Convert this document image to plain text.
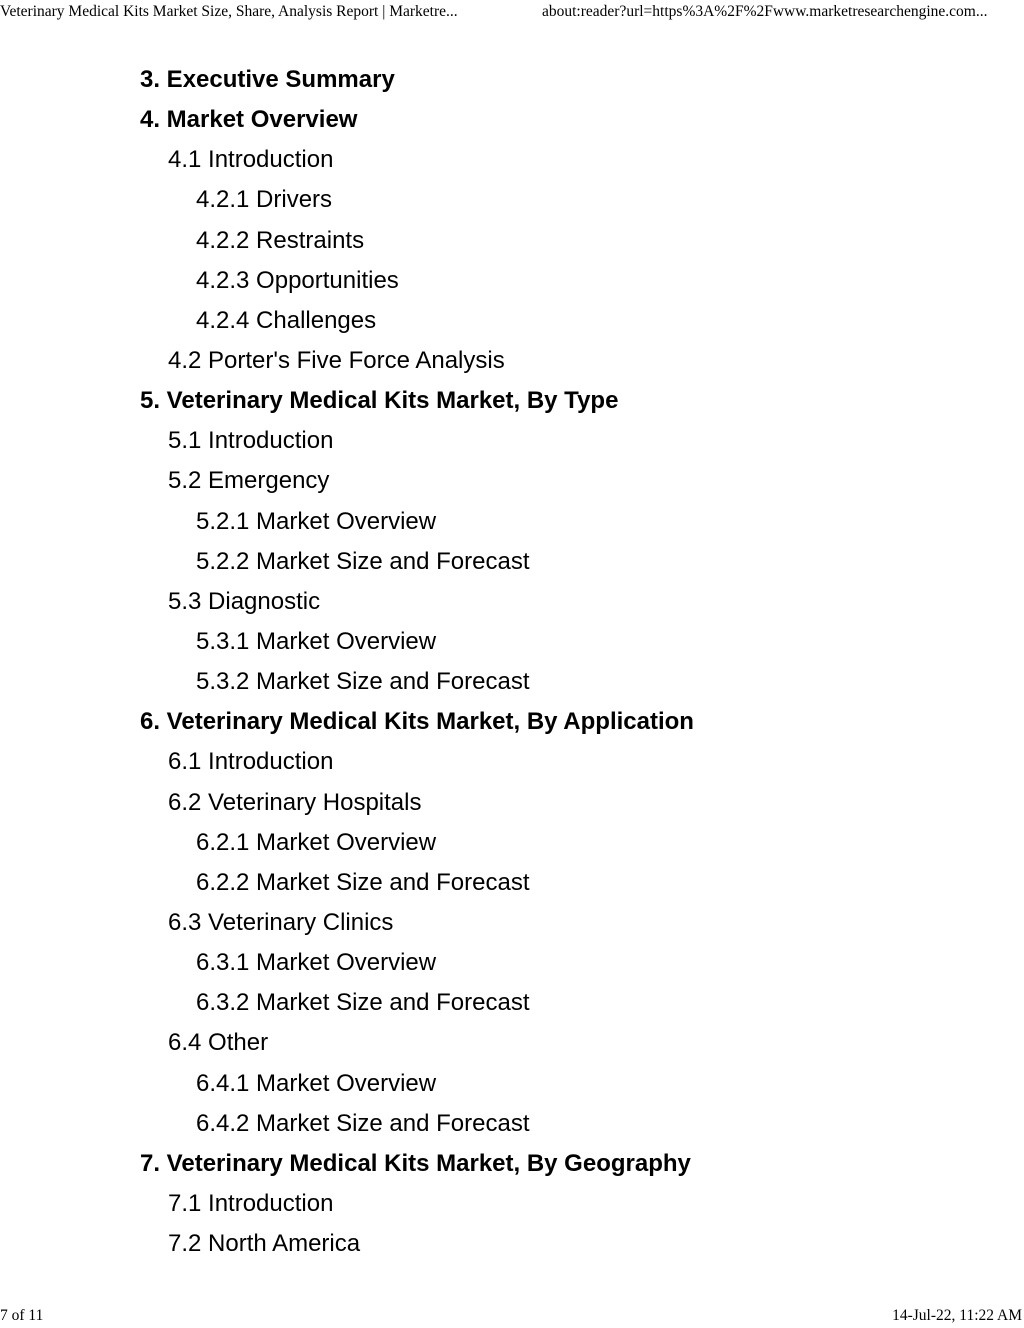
Veterinary Medical Kits Market Size, Share, Analysis Report | Marketre...	about:reader?url=https%3A%2F%2Fwww.marketresearchengine.com...
3. Executive Summary
4. Market Overview
4.1 Introduction
4.2.1 Drivers
4.2.2 Restraints
4.2.3 Opportunities
4.2.4 Challenges
4.2 Porter's Five Force Analysis
5. Veterinary Medical Kits Market, By Type
5.1 Introduction
5.2 Emergency
5.2.1 Market Overview
5.2.2 Market Size and Forecast
5.3 Diagnostic
5.3.1 Market Overview
5.3.2 Market Size and Forecast
6. Veterinary Medical Kits Market, By Application
6.1 Introduction
6.2 Veterinary Hospitals
6.2.1 Market Overview
6.2.2 Market Size and Forecast
6.3 Veterinary Clinics
6.3.1 Market Overview
6.3.2 Market Size and Forecast
6.4 Other
6.4.1 Market Overview
6.4.2 Market Size and Forecast
7. Veterinary Medical Kits Market, By Geography
7.1 Introduction
7.2 North America
7 of 11	14-Jul-22, 11:22 AM
